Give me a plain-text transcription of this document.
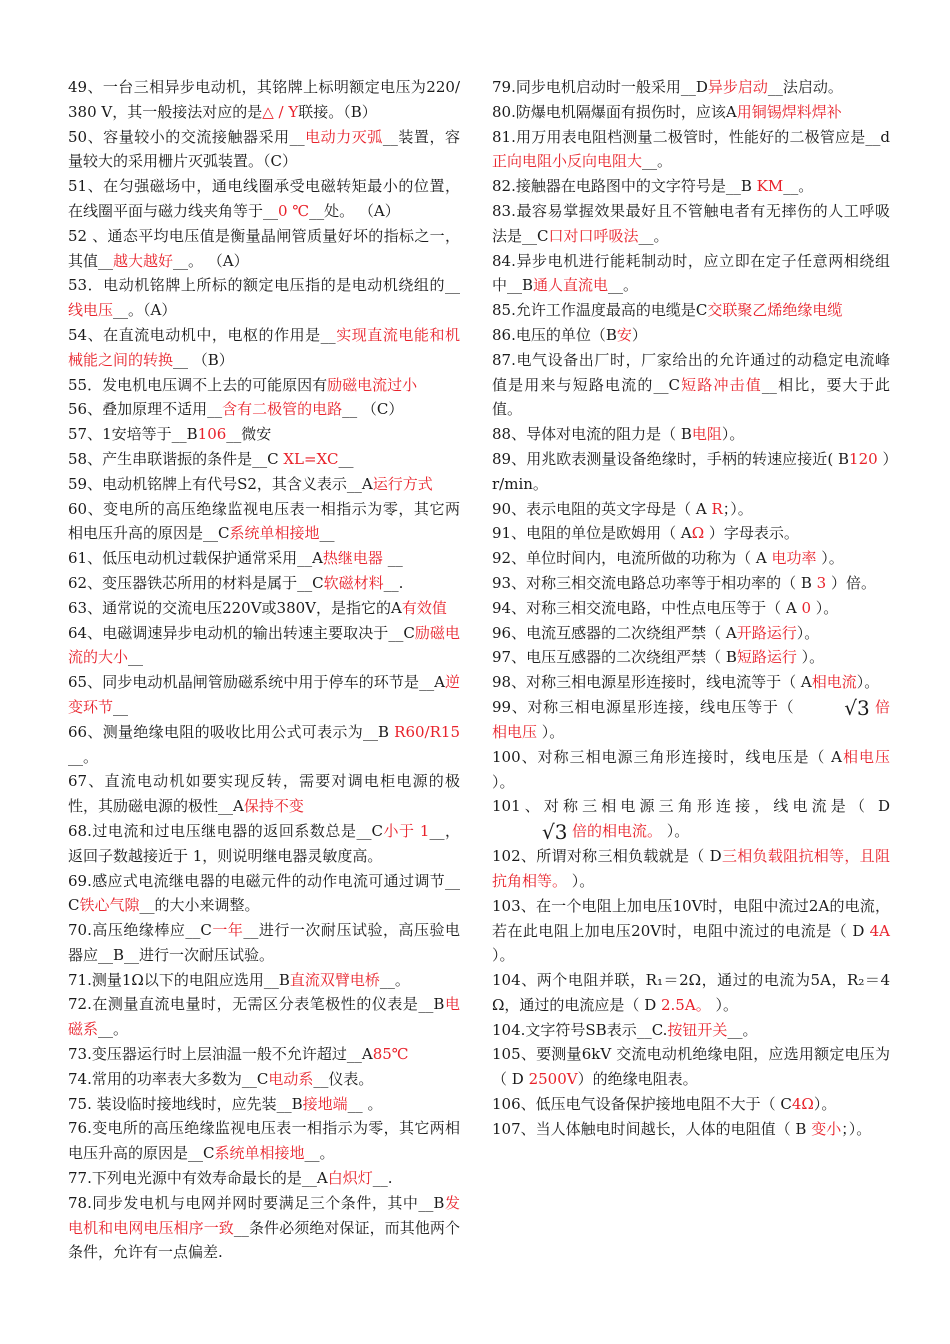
49、一台三相异步电动机，其铭牌上标明额定电压为220/380 V，其一般接法对应的是△ / Y联接。（B）

50、容量较小的交流接触器采用__电动力灭弧__装置，容量较大的采用栅片灭弧装置。（C）

51、在匀强磁场中，通电线圈承受电磁转矩最小的位置，在线圈平面与磁力线夹角等于__0 ℃__处。 （A）

52 、通态平均电压值是衡量晶闸管质量好坏的指标之一，其值__越大越好__。 （A）

53．电动机铭牌上所标的额定电压指的是电动机绕组的__线电压__。（A）

54、在直流电动机中，电枢的作用是__实现直流电能和机械能之间的转换__ （B）

55．发电机电压调不上去的可能原因有励磁电流过小

56、叠加原理不适用__含有二极管的电路__ （C）

57、1安培等于__B106__微安

58、产生串联谐振的条件是__C XL=XC__

59、电动机铭牌上有代号S2，其含义表示__A运行方式

60、变电所的高压绝缘监视电压表一相指示为零，其它两相电压升高的原因是__C系统单相接地__

61、低压电动机过载保护通常采用__A热继电器 __

62、变压器铁芯所用的材料是属于__C软磁材料__.

63、通常说的交流电压220V或380V，是指它的A有效值

64、电磁调速异步电动机的输出转速主要取决于__C励磁电流的大小__

65、同步电动机晶闸管励磁系统中用于停车的环节是__A逆变环节__

66、测量绝缘电阻的吸收比用公式可表示为__B R60/R15__。

67、直流电动机如要实现反转，需要对调电柜电源的极性，其励磁电源的极性__A保持不变

68.过电流和过电压继电器的返回系数总是__C小于 1__，返回子数越接近于 1，则说明继电器灵敏度高。

69.感应式电流继电器的电磁元件的动作电流可通过调节__C铁心气隙__的大小来调整。

70.高压绝缘棒应__C一年__进行一次耐压试验，高压验电器应__B__进行一次耐压试验。

71.测量1Ω以下的电阻应选用__B直流双臂电桥__。

72.在测量直流电量时，无需区分表笔极性的仪表是__B电磁系__。

73.变压器运行时上层油温一般不允许超过__A85℃

74.常用的功率表大多数为__C电动系__仪表。

75. 装设临时接地线时，应先装__B接地端__ 。

76.变电所的高压绝缘监视电压表一相指示为零，其它两相电压升高的原因是__C系统单相接地__。

77.下列电光源中有效寿命最长的是__A白炽灯__.

78.同步发电机与电网并网时要满足三个条件，其中__B发电机和电网电压相序一致__条件必须绝对保证，而其他两个条件，允许有一点偏差.

79.同步电机启动时一般采用__D异步启动__法启动。

80.防爆电机隔爆面有损伤时，应该A用铜锡焊料焊补

81.用万用表电阻档测量二极管时，性能好的二极管应是__d正向电阻小反向电阻大__。

82.接触器在电路图中的文字符号是__B KM__。

83.最容易掌握效果最好且不管触电者有无摔伤的人工呼吸法是__C口对口呼吸法__。

84.异步电机进行能耗制动时，应立即在定子任意两相绕组中__B通人直流电__。

85.允许工作温度最高的电缆是C交联聚乙烯绝缘电缆

86.电压的单位（B安）

87.电气设备出厂时，厂家给出的允许通过的动稳定电流峰值是用来与短路电流的__C短路冲击值__相比，要大于此值。

88、导体对电流的阻力是（ B电阻）。

89、用兆欧表测量设备绝缘时，手柄的转速应接近( B120 ）r/min。

90、表示电阻的英文字母是（ A R；）。

91、电阻的单位是欧姆用（ AΩ ）字母表示。

92、单位时间内，电流所做的功称为（ A 电功率 ）。

93、对称三相交流电路总功率等于相功率的（ B 3 ）倍。

94、对称三相交流电路，中性点电压等于（ A 0 ）。

96、电流互感器的二次绕组严禁（ A开路运行）。

97、电压互感器的二次绕组严禁（ B短路运行 ）。

98、对称三相电源星形连接时，线电流等于（ A相电流）。

99、对称三相电源星形连接，线电压等于（	√3 倍相电压 ）。

100、对称三相电源三角形连接时，线电压是（ A相电压 ）。

101、对称三相电源三角形连接，线电流是（ D
√3 倍的相电流。 ）。

102、所谓对称三相负载就是（ D三相负载阻抗相等，且阻抗角相等。 ）。

103、在一个电阻上加电压10V时，电阻中流过2A的电流，若在此电阻上加电压20V时，电阻中流过的电流是（ D 4A ）。

104、两个电阻并联，R₁＝2Ω，通过的电流为5A，R₂＝4Ω，通过的电流应是（ D 2.5A。 ）。

104.文字符号SB表示__C.按钮开关__。

105、要测量6kV 交流电动机绝缘电阻，应选用额定电压为（ D 2500V）的绝缘电阻表。

106、低压电气设备保护接地电阻不大于（ C4Ω）。

107、当人体触电时间越长，人体的电阻值（ B 变小；）。
